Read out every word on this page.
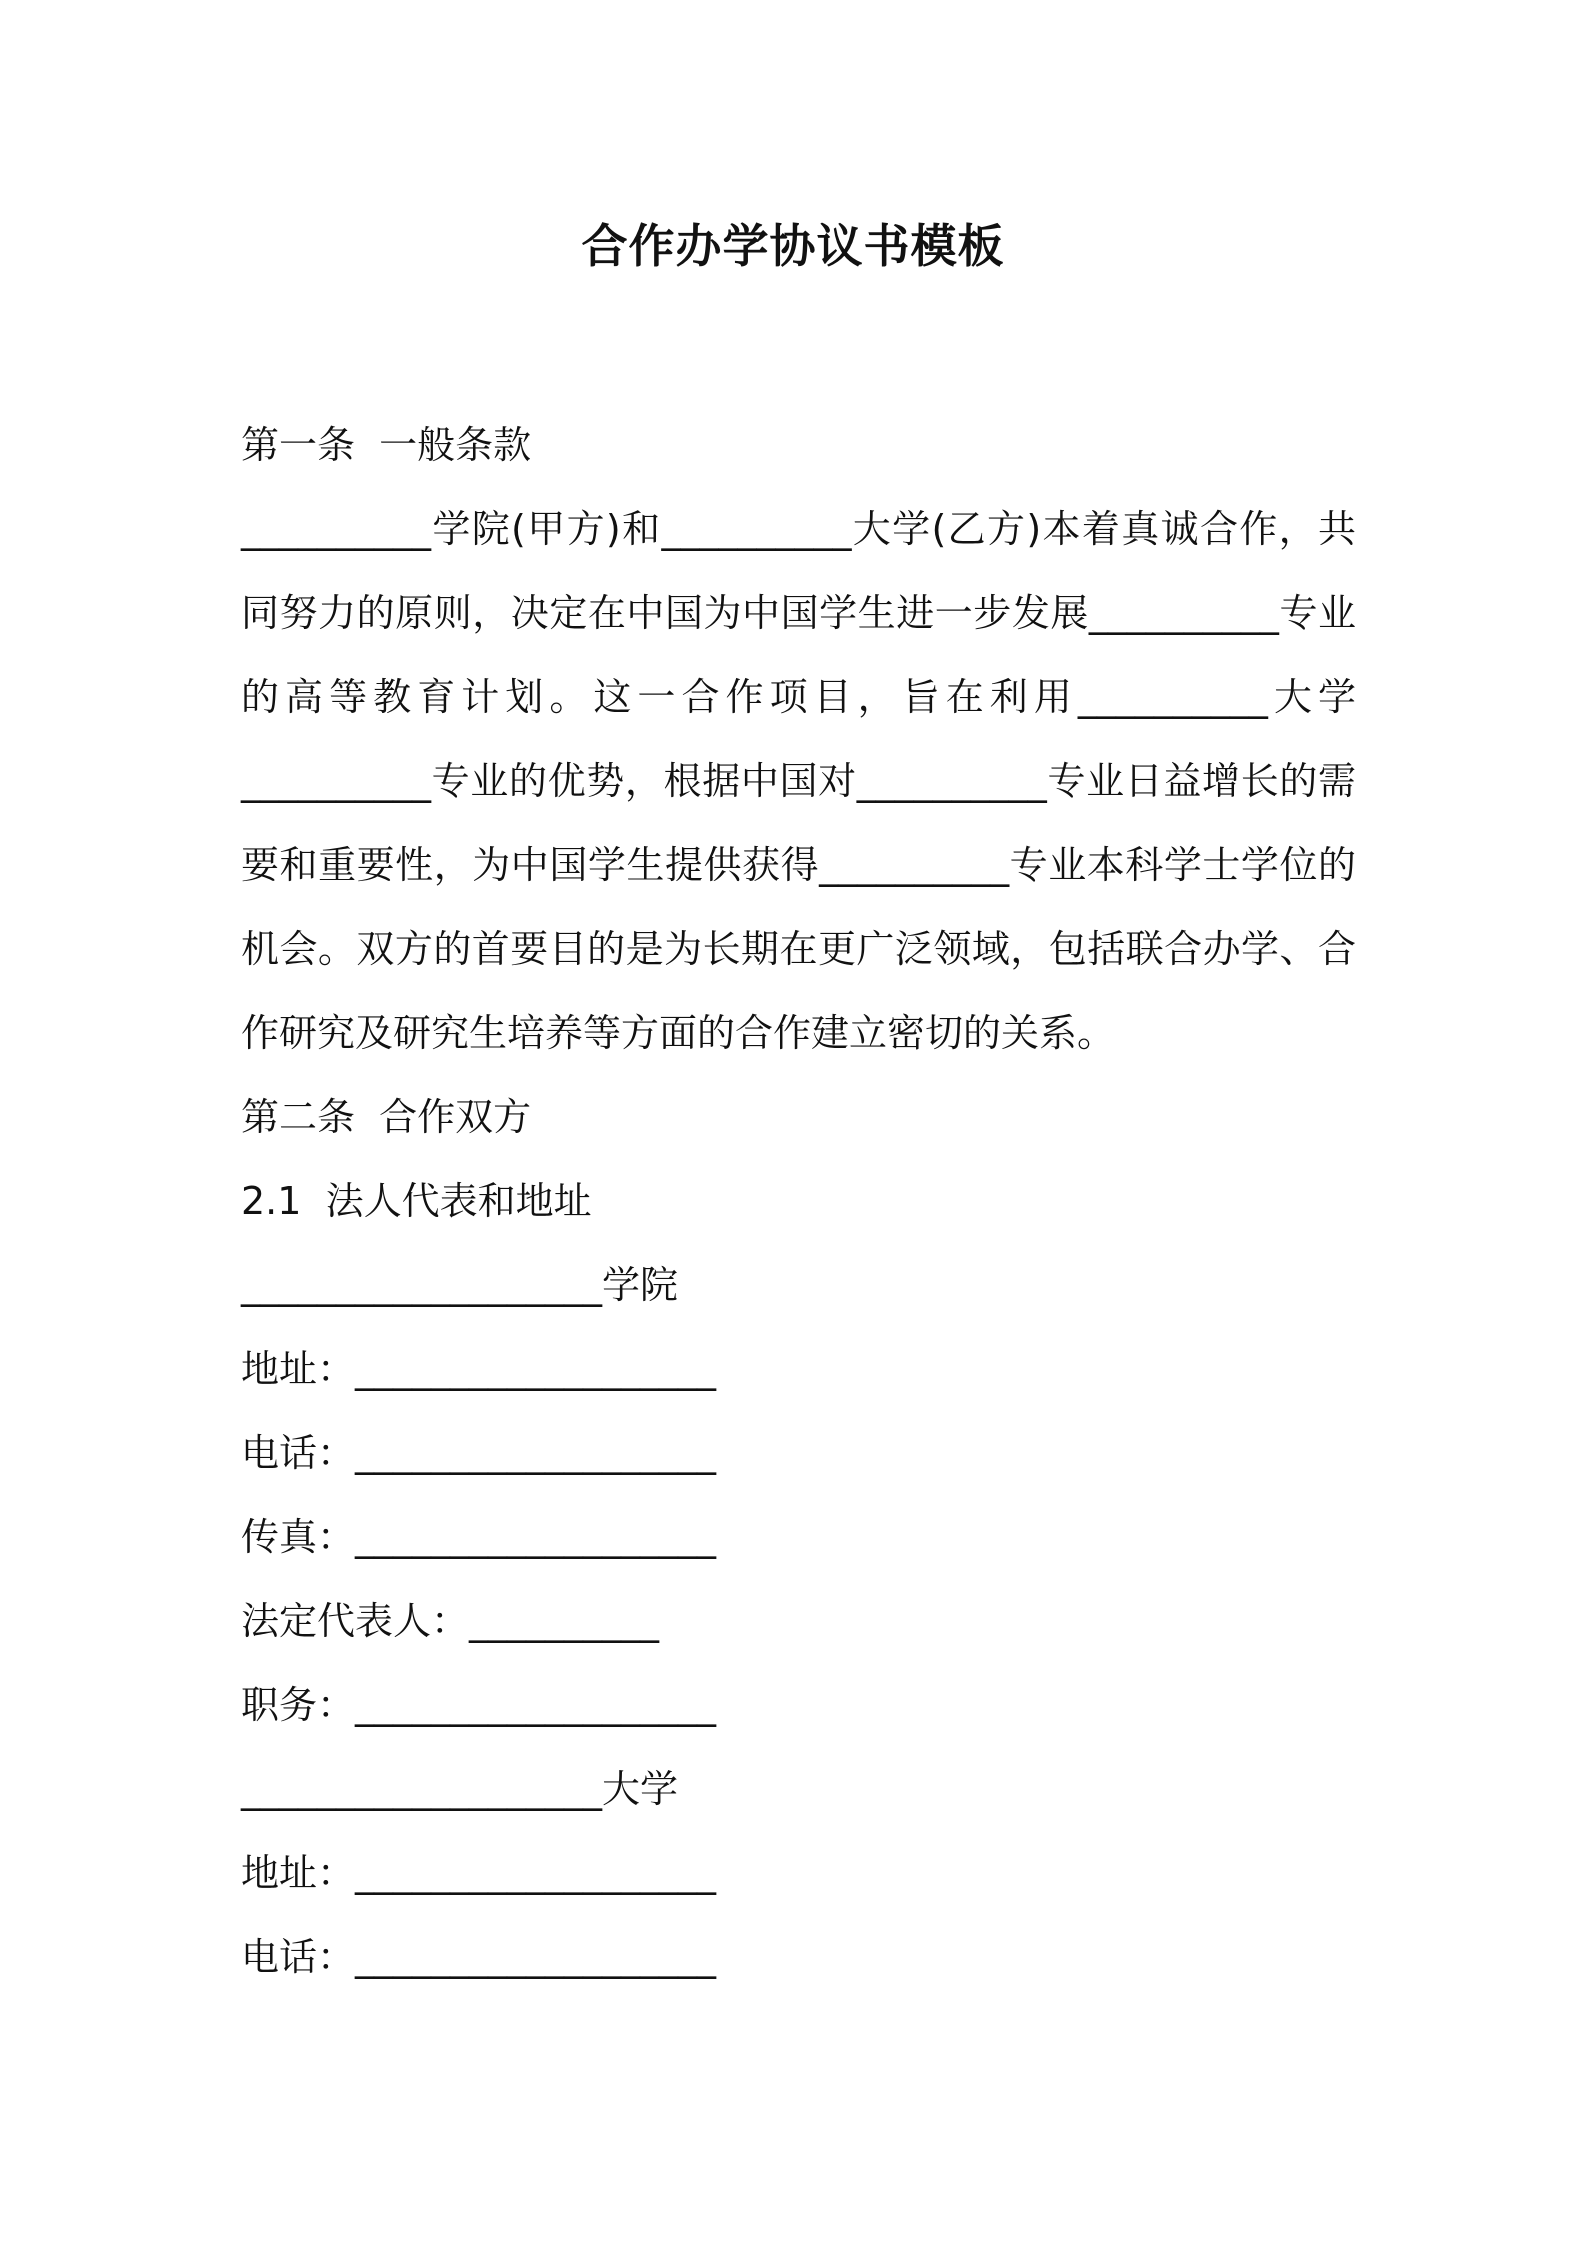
合作办学协议书模板
第一条  一般条款
__________学院(甲方)和__________大学(乙方)本着真诚合作，共同努力的原则，决定在中国为中国学生进一步发展__________专业的高等教育计划。这一合作项目，旨在利用__________大学__________专业的优势，根据中国对__________专业日益增长的需要和重要性，为中国学生提供获得__________专业本科学士学位的机会。双方的首要目的是为长期在更广泛领域，包括联合办学、合作研究及研究生培养等方面的合作建立密切的关系。
第二条  合作双方
2.1  法人代表和地址
___________________学院
地址：___________________
电话：___________________
传真：___________________
法定代表人：__________
职务：___________________
___________________大学
地址：___________________
电话：___________________
